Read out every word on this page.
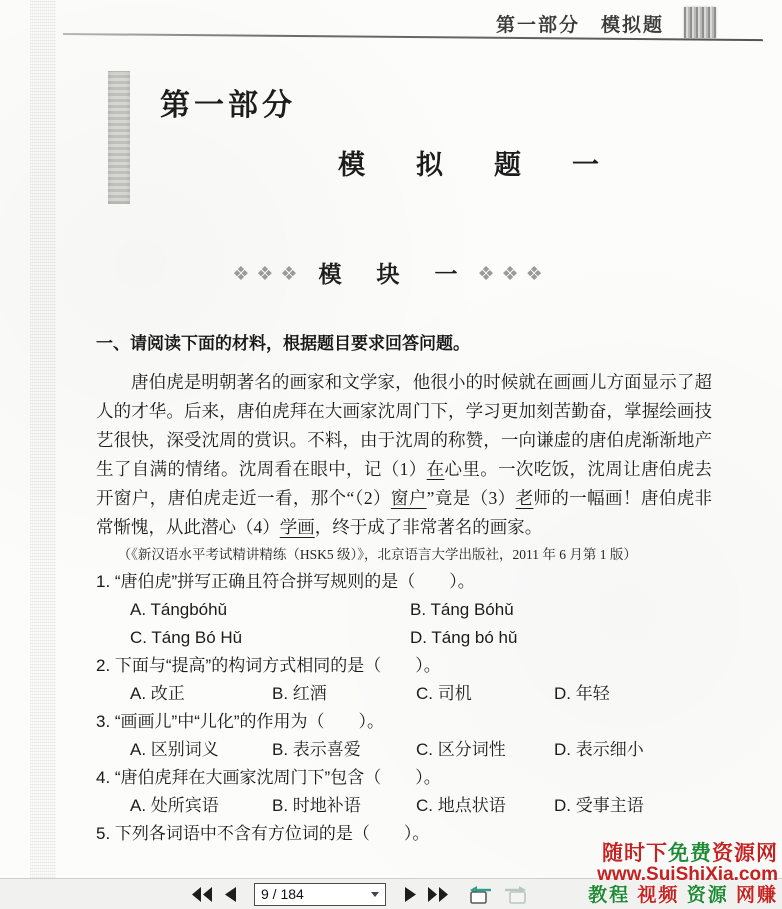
第一部分　模拟题
第一部分
模　拟　题　一
❖❖❖ 模　块　一 ❖❖❖

一、请阅读下面的材料，根据题目要求回答问题。

唐伯虎是明朝著名的画家和文学家，他很小的时候就在画画儿方面显示了超人的才华。后来，唐伯虎拜在大画家沈周门下，学习更加刻苦勤奋，掌握绘画技艺很快，深受沈周的赏识。不料，由于沈周的称赞，一向谦虚的唐伯虎渐渐地产生了自满的情绪。沈周看在眼中，记（1）在心里。一次吃饭，沈周让唐伯虎去开窗户，唐伯虎走近一看，那个“（2）窗户”竟是（3）老师的一幅画！唐伯虎非常惭愧，从此潜心（4）学画，终于成了非常著名的画家。

（《新汉语水平考试精讲精练（HSK5 级）》，北京语言大学出版社，2011 年 6 月第 1 版）

1. “唐伯虎”拼写正确且符合拼写规则的是（　　）。

A. Tángbóhǔ	B. Táng Bóhǔ
C. Táng Bó Hǔ	D. Táng bó hǔ

2. 下面与“提高”的构词方式相同的是（　　）。

A. 改正	B. 红酒	C. 司机	D. 年轻

3. “画画儿”中“儿化”的作用为（　　）。

A. 区别词义	B. 表示喜爱	C. 区分词性	D. 表示细小

4. “唐伯虎拜在大画家沈周门下”包含（　　）。

A. 处所宾语	B. 时地补语	C. 地点状语	D. 受事主语

5. 下列各词语中不含有方位词的是（　　）。

随时下免费资源网
www.SuiShiXia.com
教程 视频 资源 网赚
9 / 184
